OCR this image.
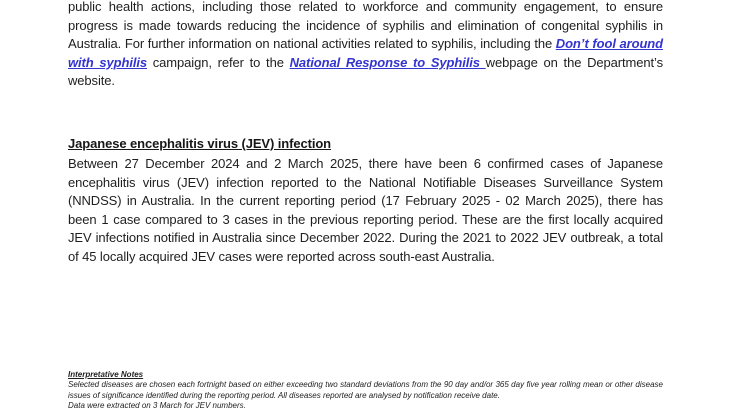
public health actions, including those related to workforce and community engagement, to ensure progress is made towards reducing the incidence of syphilis and elimination of congenital syphilis in Australia. For further information on national activities related to syphilis, including the Don’t fool around with syphilis campaign, refer to the National Response to Syphilis webpage on the Department’s website.

Japanese encephalitis virus (JEV) infection

Between 27 December 2024 and 2 March 2025, there have been 6 confirmed cases of Japanese encephalitis virus (JEV) infection reported to the National Notifiable Diseases Surveillance System (NNDSS) in Australia. In the current reporting period (17 February 2025 - 02 March 2025), there has been 1 case compared to 3 cases in the previous reporting period. These are the first locally acquired JEV infections notified in Australia since December 2022. During the 2021 to 2022 JEV outbreak, a total of 45 locally acquired JEV cases were reported across south-east Australia.

Interpretative Notes
Selected diseases are chosen each fortnight based on either exceeding two standard deviations from the 90 day and/or 365 day five year rolling mean or other disease issues of significance identified during the reporting period. All diseases reported are analysed by notification receive date.
Data were extracted on 3 March for JEV numbers.
